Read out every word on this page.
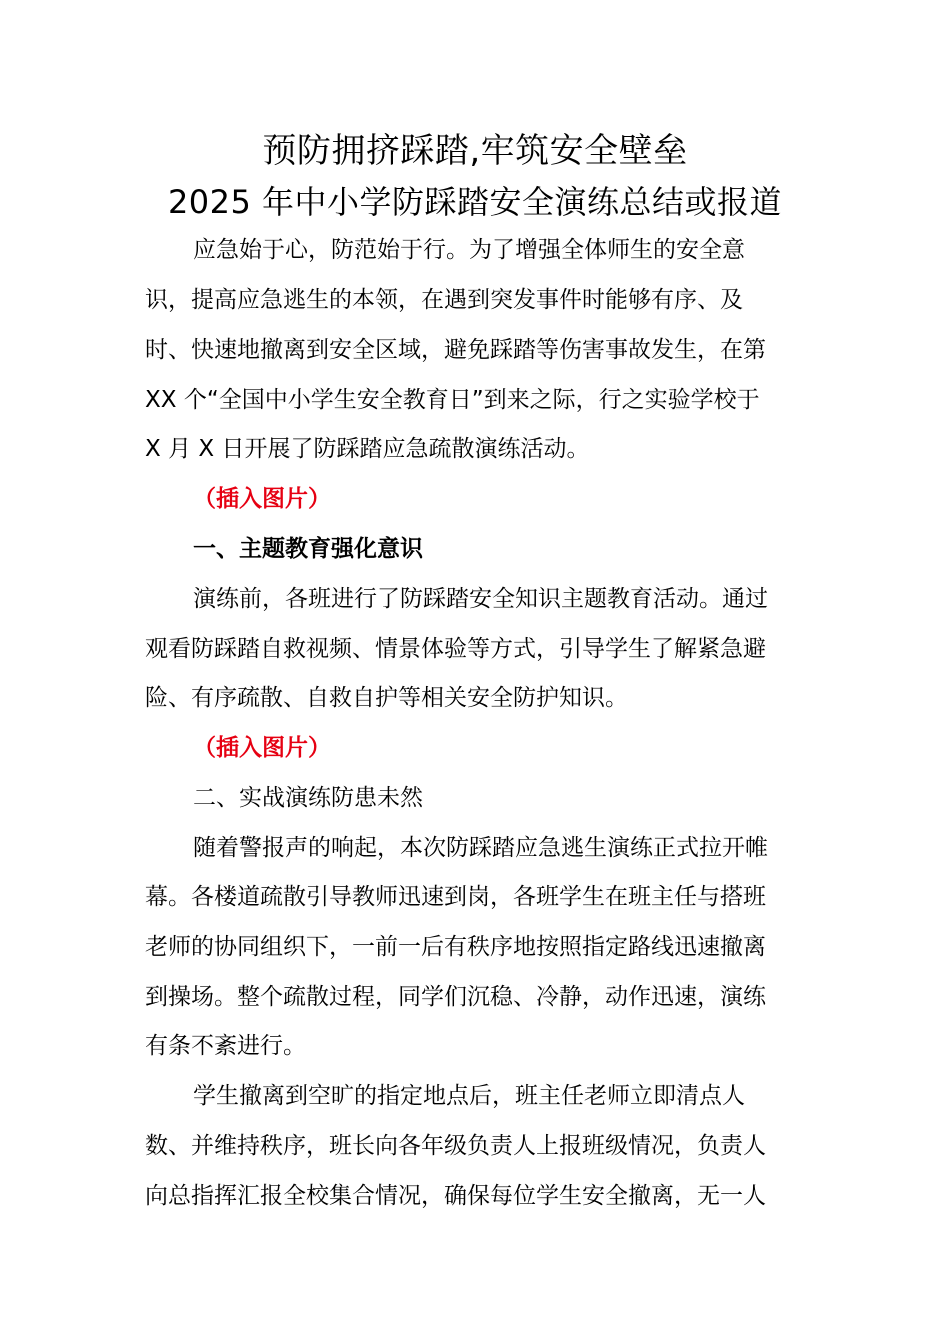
预防拥挤踩踏,牢筑安全壁垒
2025 年中小学防踩踏安全演练总结或报道
应急始于心，防范始于行。为了增强全体师生的安全意
识，提高应急逃生的本领，在遇到突发事件时能够有序、及
时、快速地撤离到安全区域，避免踩踏等伤害事故发生，在第
XX 个“全国中小学生安全教育日”到来之际，行之实验学校于
X 月 X 日开展了防踩踏应急疏散演练活动。
（插入图片）
一、主题教育强化意识
演练前，各班进行了防踩踏安全知识主题教育活动。通过
观看防踩踏自救视频、情景体验等方式，引导学生了解紧急避
险、有序疏散、自救自护等相关安全防护知识。
（插入图片）
二、实战演练防患未然
随着警报声的响起，本次防踩踏应急逃生演练正式拉开帷
幕。各楼道疏散引导教师迅速到岗，各班学生在班主任与搭班
老师的协同组织下，一前一后有秩序地按照指定路线迅速撤离
到操场。整个疏散过程，同学们沉稳、冷静，动作迅速，演练
有条不紊进行。
学生撤离到空旷的指定地点后，班主任老师立即清点人
数、并维持秩序，班长向各年级负责人上报班级情况，负责人
向总指挥汇报全校集合情况，确保每位学生安全撤离，无一人
